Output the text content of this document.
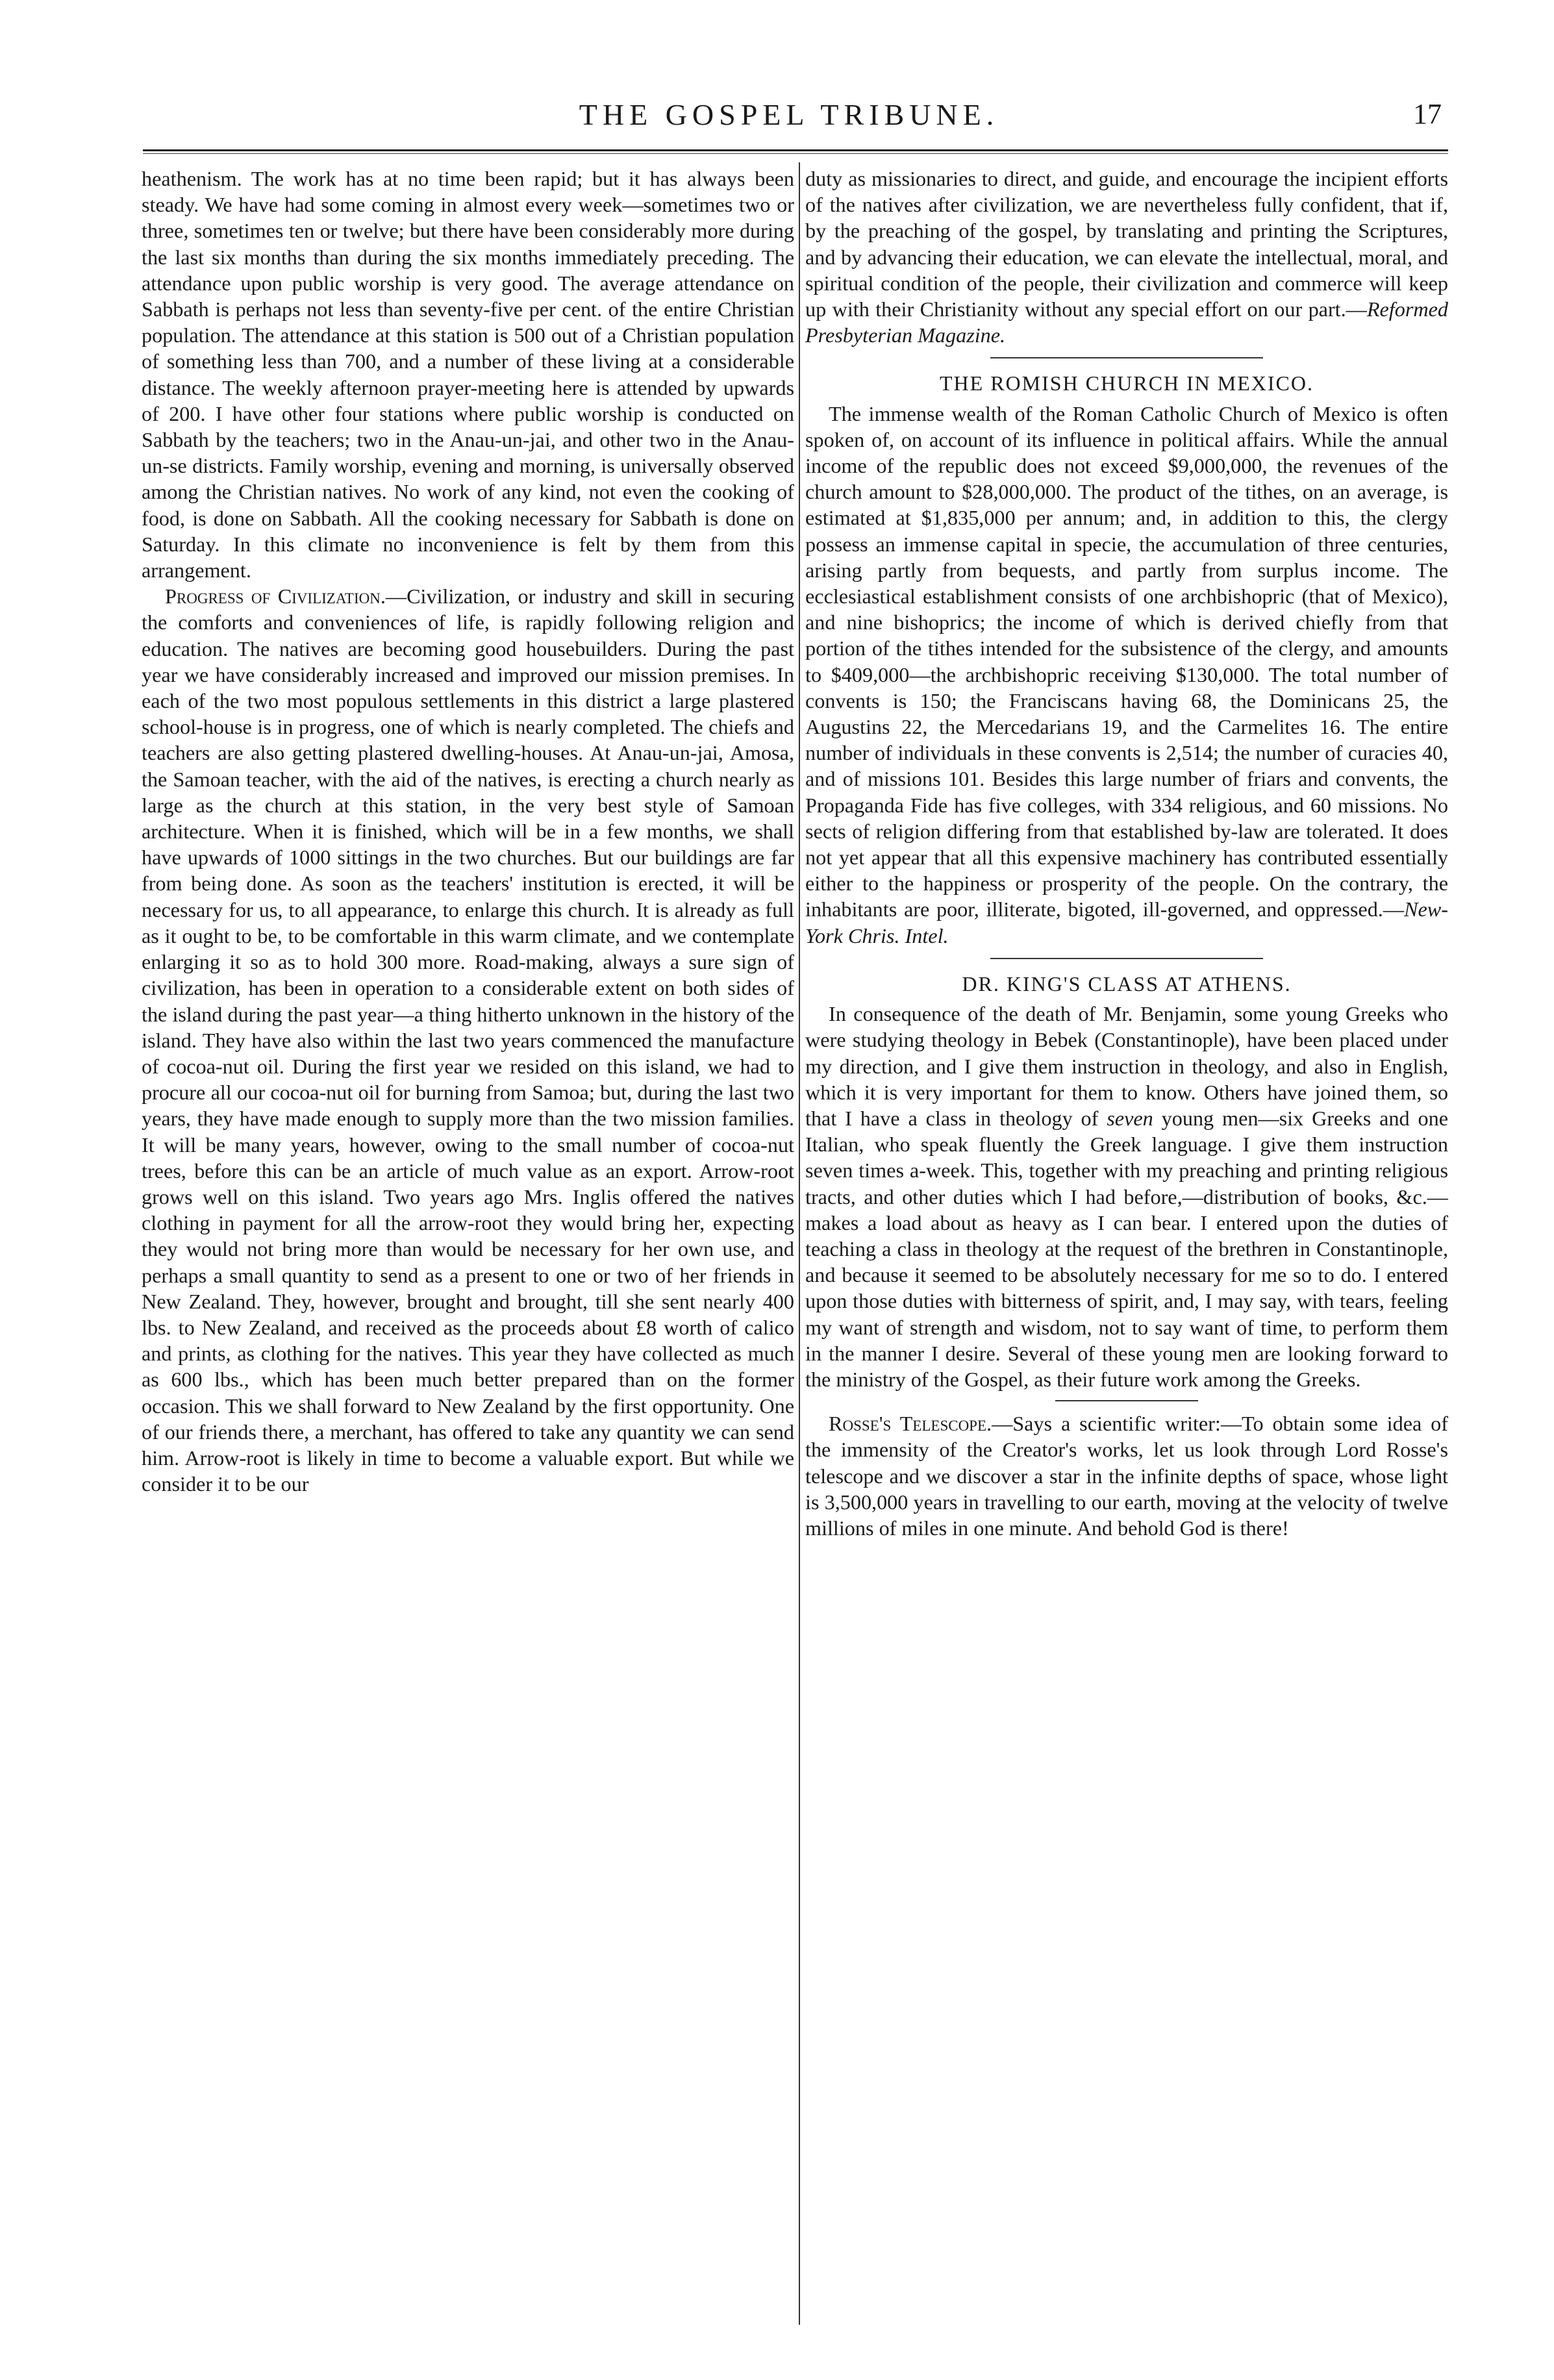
THE GOSPEL TRIBUNE.	17

heathenism. The work has at no time been rapid; but it has always been steady. We have had some coming in almost every week—sometimes two or three, sometimes ten or twelve; but there have been considerably more during the last six months than during the six months immediately preceding. The attendance upon public worship is very good. The average attendance on Sabbath is perhaps not less than seventy-five per cent. of the entire Christian population. The attendance at this station is 500 out of a Christian population of something less than 700, and a number of these living at a considerable distance. The weekly afternoon prayer-meeting here is attended by upwards of 200. I have other four stations where public worship is conducted on Sabbath by the teachers; two in the Anau-un-jai, and other two in the Anau-un-se districts. Family worship, evening and morning, is universally observed among the Christian natives. No work of any kind, not even the cooking of food, is done on Sabbath. All the cooking necessary for Sabbath is done on Saturday. In this climate no inconvenience is felt by them from this arrangement.

Progress of Civilization.—Civilization, or industry and skill in securing the comforts and conveniences of life, is rapidly following religion and education. The natives are becoming good housebuilders. During the past year we have considerably increased and improved our mission premises. In each of the two most populous settlements in this district a large plastered school-house is in progress, one of which is nearly completed. The chiefs and teachers are also getting plastered dwelling-houses. At Anau-un-jai, Amosa, the Samoan teacher, with the aid of the natives, is erecting a church nearly as large as the church at this station, in the very best style of Samoan architecture. When it is finished, which will be in a few months, we shall have upwards of 1000 sittings in the two churches. But our buildings are far from being done. As soon as the teachers' institution is erected, it will be necessary for us, to all appearance, to enlarge this church. It is already as full as it ought to be, to be comfortable in this warm climate, and we contemplate enlarging it so as to hold 300 more. Road-making, always a sure sign of civilization, has been in operation to a considerable extent on both sides of the island during the past year—a thing hitherto unknown in the history of the island. They have also within the last two years commenced the manufacture of cocoa-nut oil. During the first year we resided on this island, we had to procure all our cocoa-nut oil for burning from Samoa; but, during the last two years, they have made enough to supply more than the two mission families. It will be many years, however, owing to the small number of cocoa-nut trees, before this can be an article of much value as an export. Arrow-root grows well on this island. Two years ago Mrs. Inglis offered the natives clothing in payment for all the arrow-root they would bring her, expecting they would not bring more than would be necessary for her own use, and perhaps a small quantity to send as a present to one or two of her friends in New Zealand. They, however, brought and brought, till she sent nearly 400 lbs. to New Zealand, and received as the proceeds about £8 worth of calico and prints, as clothing for the natives. This year they have collected as much as 600 lbs., which has been much better prepared than on the former occasion. This we shall forward to New Zealand by the first opportunity. One of our friends there, a merchant, has offered to take any quantity we can send him. Arrow-root is likely in time to become a valuable export. But while we consider it to be our

duty as missionaries to direct, and guide, and encourage the incipient efforts of the natives after civilization, we are nevertheless fully confident, that if, by the preaching of the gospel, by translating and printing the Scriptures, and by advancing their education, we can elevate the intellectual, moral, and spiritual condition of the people, their civilization and commerce will keep up with their Christianity without any special effort on our part.—Reformed Presbyterian Magazine.

THE ROMISH CHURCH IN MEXICO.

The immense wealth of the Roman Catholic Church of Mexico is often spoken of, on account of its influence in political affairs. While the annual income of the republic does not exceed $9,000,000, the revenues of the church amount to $28,000,000. The product of the tithes, on an average, is estimated at $1,835,000 per annum; and, in addition to this, the clergy possess an immense capital in specie, the accumulation of three centuries, arising partly from bequests, and partly from surplus income. The ecclesiastical establishment consists of one archbishopric (that of Mexico), and nine bishoprics; the income of which is derived chiefly from that portion of the tithes intended for the subsistence of the clergy, and amounts to $409,000—the archbishopric receiving $130,000. The total number of convents is 150; the Franciscans having 68, the Dominicans 25, the Augustins 22, the Mercedarians 19, and the Carmelites 16. The entire number of individuals in these convents is 2,514; the number of curacies 40, and of missions 101. Besides this large number of friars and convents, the Propaganda Fide has five colleges, with 334 religious, and 60 missions. No sects of religion differing from that established by-law are tolerated. It does not yet appear that all this expensive machinery has contributed essentially either to the happiness or prosperity of the people. On the contrary, the inhabitants are poor, illiterate, bigoted, ill-governed, and oppressed.—New-York Chris. Intel.

DR. KING'S CLASS AT ATHENS.

In consequence of the death of Mr. Benjamin, some young Greeks who were studying theology in Bebek (Constantinople), have been placed under my direction, and I give them instruction in theology, and also in English, which it is very important for them to know. Others have joined them, so that I have a class in theology of seven young men—six Greeks and one Italian, who speak fluently the Greek language. I give them instruction seven times a-week. This, together with my preaching and printing religious tracts, and other duties which I had before,—distribution of books, &c.—makes a load about as heavy as I can bear. I entered upon the duties of teaching a class in theology at the request of the brethren in Constantinople, and because it seemed to be absolutely necessary for me so to do. I entered upon those duties with bitterness of spirit, and, I may say, with tears, feeling my want of strength and wisdom, not to say want of time, to perform them in the manner I desire. Several of these young men are looking forward to the ministry of the Gospel, as their future work among the Greeks.

Rosse's Telescope.—Says a scientific writer:—To obtain some idea of the immensity of the Creator's works, let us look through Lord Rosse's telescope and we discover a star in the infinite depths of space, whose light is 3,500,000 years in travelling to our earth, moving at the velocity of twelve millions of miles in one minute. And behold God is there!
